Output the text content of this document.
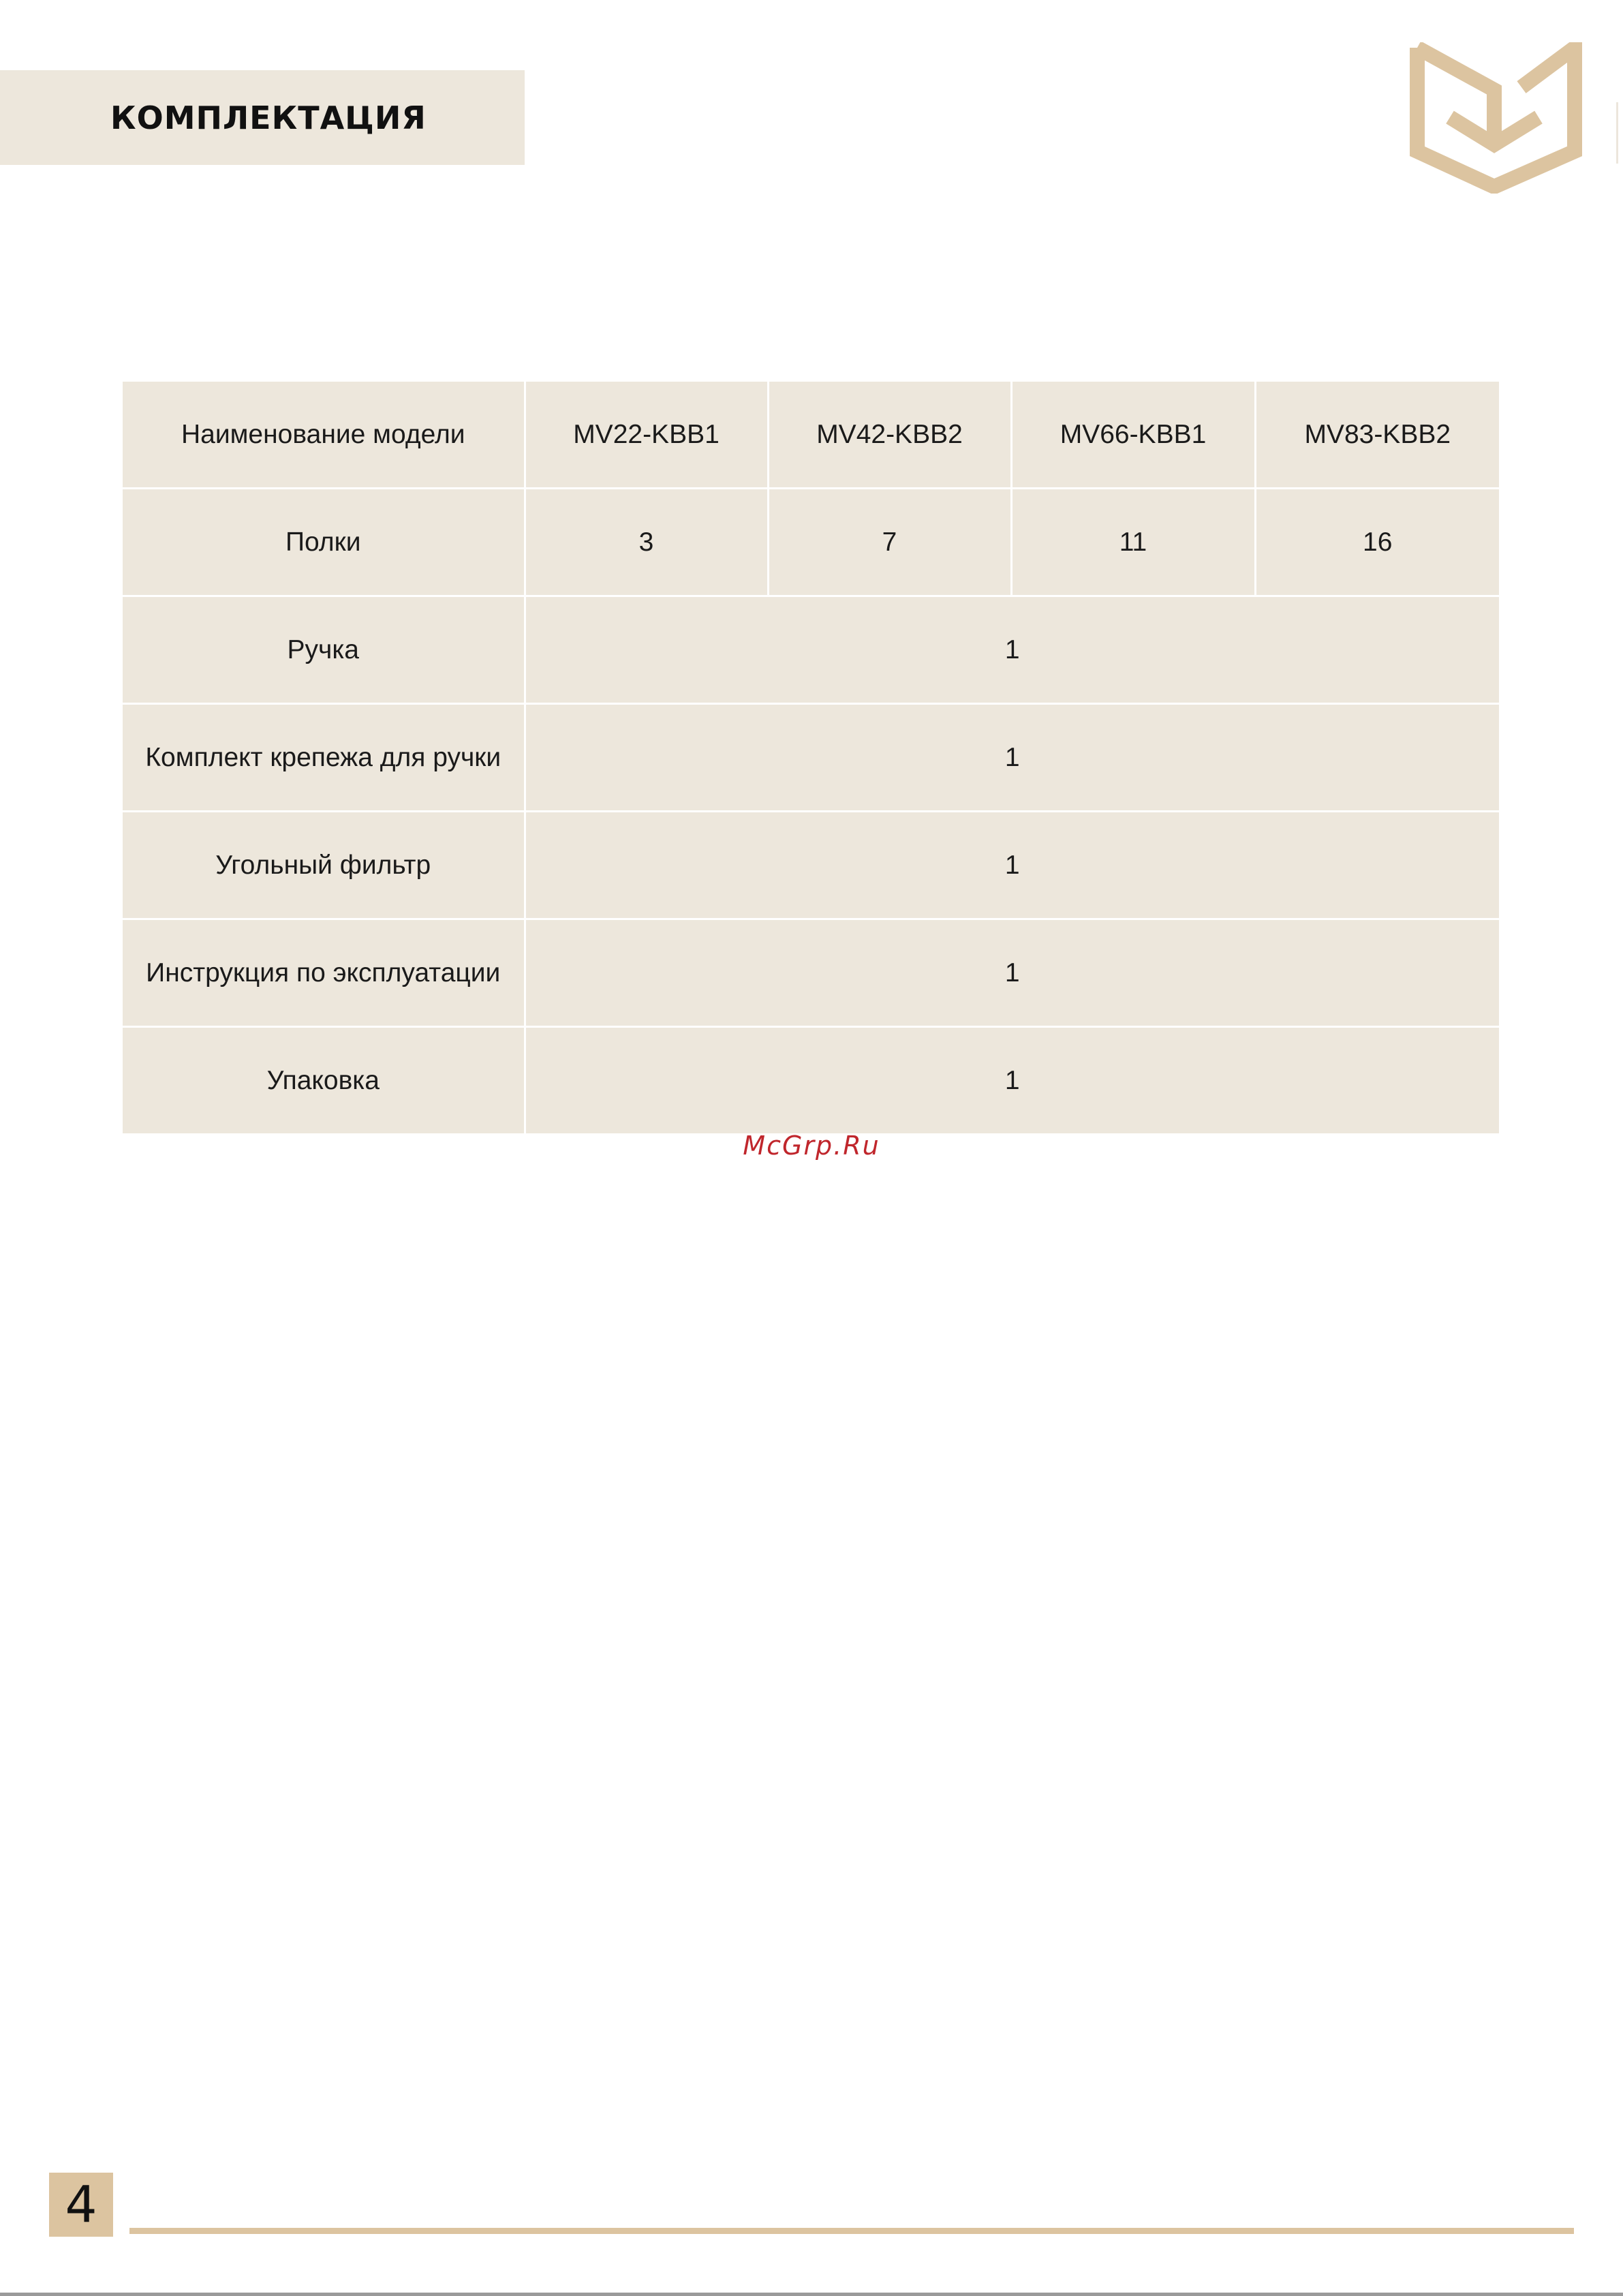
КОМПЛЕКТАЦИЯ
Наименование модели	MV22-KBB1	MV42-KBB2	MV66-KBB1	MV83-KBB2
Полки	3	7	11	16
Ручка	1			
Комплект крепежа для ручки	1			
Угольный фильтр	1			
Инструкция по эксплуатации	1			
Упаковка	1			
McGrp.Ru
4
